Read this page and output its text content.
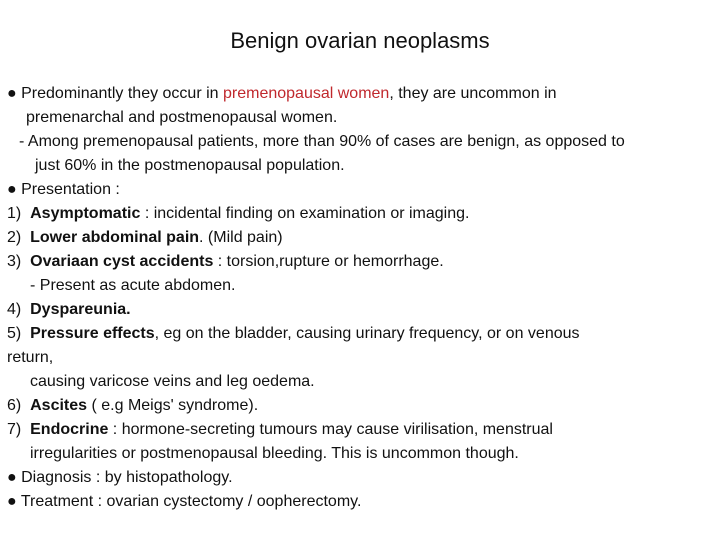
Benign ovarian neoplasms
● Predominantly they occur in premenopausal women, they are uncommon in
premenarchal and postmenopausal women.
- Among premenopausal patients, more than 90% of cases are benign, as opposed to
just 60% in the postmenopausal population.
● Presentation :
1) Asymptomatic : incidental finding on examination or imaging.
2) Lower abdominal pain. (Mild pain)
3) Ovariaan cyst accidents : torsion,rupture or hemorrhage.
- Present as acute abdomen.
4) Dyspareunia.
5) Pressure effects, eg on the bladder, causing urinary frequency, or on venous
return,
causing varicose veins and leg oedema.
6) Ascites ( e.g Meigs' syndrome).
7) Endocrine : hormone-secreting tumours may cause virilisation, menstrual
irregularities or postmenopausal bleeding. This is uncommon though.
● Diagnosis : by histopathology.
● Treatment : ovarian cystectomy / oopherectomy.
